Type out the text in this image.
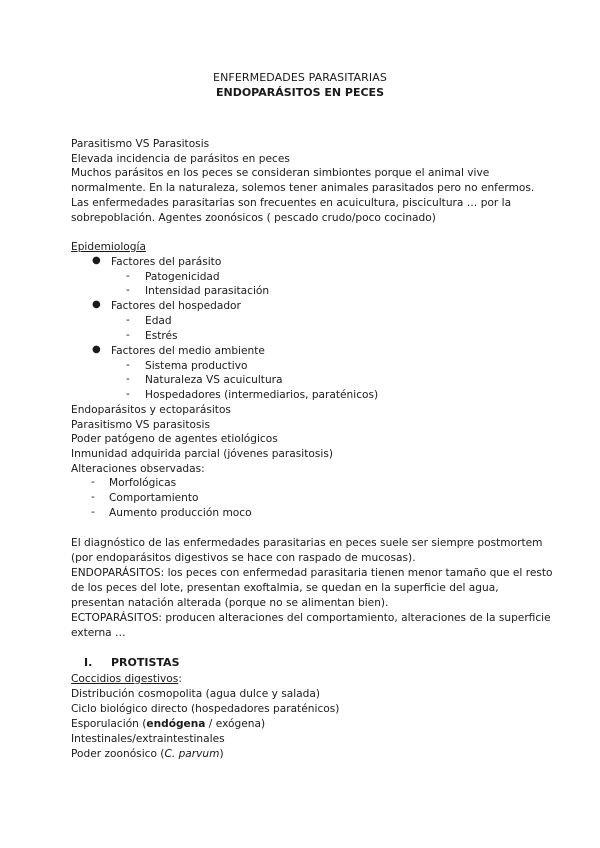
ENFERMEDADES PARASITARIAS
ENDOPARÁSITOS EN PECES
Parasitismo VS Parasitosis
Elevada incidencia de parásitos en peces
Muchos parásitos en los peces se consideran simbiontes porque el animal vive
normalmente. En la naturaleza, solemos tener animales parasitados pero no enfermos.
Las enfermedades parasitarias son frecuentes en acuicultura, piscicultura … por la
sobrepoblación. Agentes zoonósicos ( pescado crudo/poco cocinado)
Epidemiología
● Factores del parásito
- Patogenicidad
- Intensidad parasitación
● Factores del hospedador
- Edad
- Estrés
● Factores del medio ambiente
- Sistema productivo
- Naturaleza VS acuicultura
- Hospedadores (intermediarios, paraténicos)
Endoparásitos y ectoparásitos
Parasitismo VS parasitosis
Poder patógeno de agentes etiológicos
Inmunidad adquirida parcial (jóvenes parasitosis)
Alteraciones observadas:
- Morfológicas
- Comportamiento
- Aumento producción moco
El diagnóstico de las enfermedades parasitarias en peces suele ser siempre postmortem
(por endoparásitos digestivos se hace con raspado de mucosas).
ENDOPARÁSITOS: los peces con enfermedad parasitaria tienen menor tamaño que el resto
de los peces del lote, presentan exoftalmia, se quedan en la superficie del agua,
presentan natación alterada (porque no se alimentan bien).
ECTOPARÁSITOS: producen alteraciones del comportamiento, alteraciones de la superficie
externa …
I. PROTISTAS
Coccidios digestivos:
Distribución cosmopolita (agua dulce y salada)
Ciclo biológico directo (hospedadores paraténicos)
Esporulación (endógena / exógena)
Intestinales/extraintestinales
Poder zoonósico (C. parvum)
